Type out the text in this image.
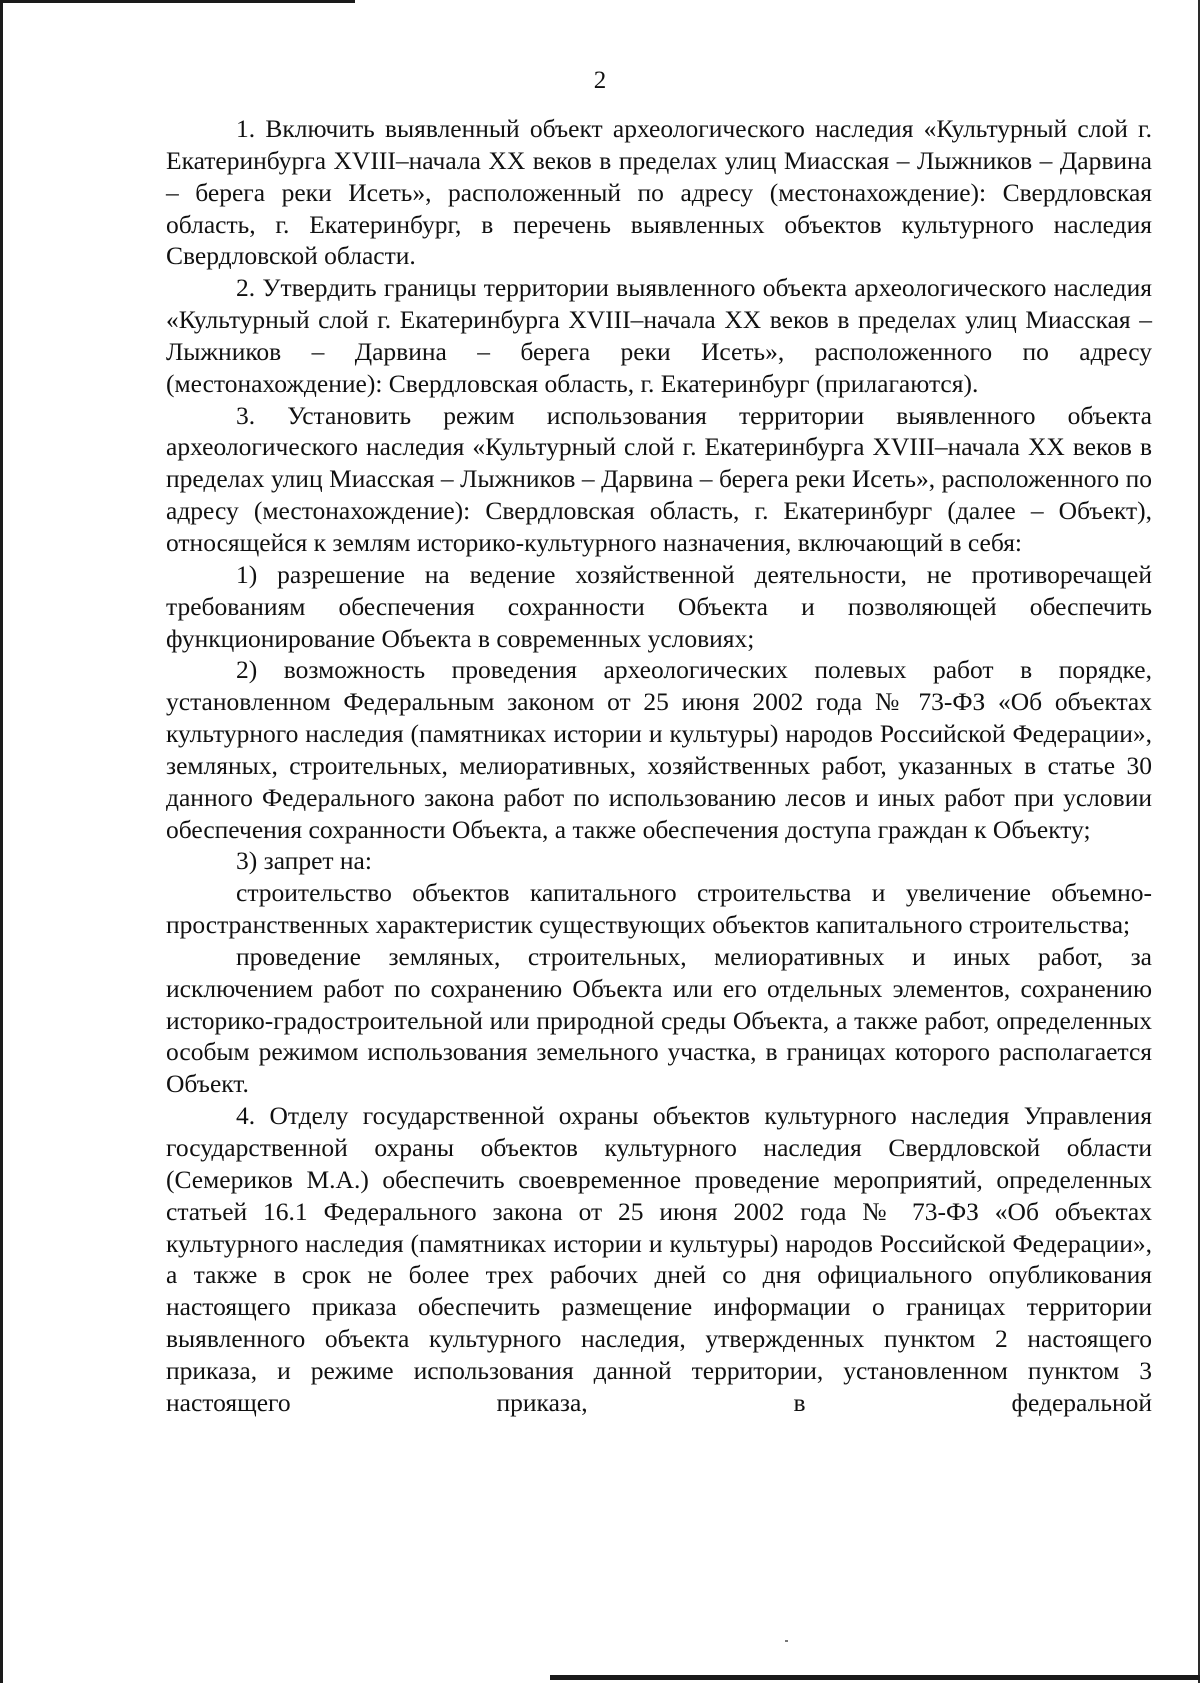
2

1. Включить выявленный объект археологического наследия «Культурный слой г. Екатеринбурга XVIII–начала XX веков в пределах улиц Миасская – Лыжников – Дарвина – берега реки Исеть», расположенный по адресу (местонахождение): Свердловская область, г. Екатеринбург, в перечень выявленных объектов культурного наследия Свердловской области.

2. Утвердить границы территории выявленного объекта археологического наследия «Культурный слой г. Екатеринбурга XVIII–начала XX веков в пределах улиц Миасская – Лыжников – Дарвина – берега реки Исеть», расположенного по адресу (местонахождение): Свердловская область, г. Екатеринбург (прилагаются).

3. Установить режим использования территории выявленного объекта археологического наследия «Культурный слой г. Екатеринбурга XVIII–начала XX веков в пределах улиц Миасская – Лыжников – Дарвина – берега реки Исеть», расположенного по адресу (местонахождение): Свердловская область, г. Екатеринбург (далее – Объект), относящейся к землям историко-культурного назначения, включающий в себя:

1) разрешение на ведение хозяйственной деятельности, не противоречащей требованиям обеспечения сохранности Объекта и позволяющей обеспечить функционирование Объекта в современных условиях;

2) возможность проведения археологических полевых работ в порядке, установленном Федеральным законом от 25 июня 2002 года № 73-ФЗ «Об объектах культурного наследия (памятниках истории и культуры) народов Российской Федерации», земляных, строительных, мелиоративных, хозяйственных работ, указанных в статье 30 данного Федерального закона работ по использованию лесов и иных работ при условии обеспечения сохранности Объекта, а также обеспечения доступа граждан к Объекту;

3) запрет на:

строительство объектов капитального строительства и увеличение объемно-пространственных характеристик существующих объектов капитального строительства;

проведение земляных, строительных, мелиоративных и иных работ, за исключением работ по сохранению Объекта или его отдельных элементов, сохранению историко-градостроительной или природной среды Объекта, а также работ, определенных особым режимом использования земельного участка, в границах которого располагается Объект.

4. Отделу государственной охраны объектов культурного наследия Управления государственной охраны объектов культурного наследия Свердловской области (Семериков М.А.) обеспечить своевременное проведение мероприятий, определенных статьей 16.1 Федерального закона от 25 июня 2002 года № 73-ФЗ «Об объектах культурного наследия (памятниках истории и культуры) народов Российской Федерации», а также в срок не более трех рабочих дней со дня официального опубликования настоящего приказа обеспечить размещение информации о границах территории выявленного объекта культурного наследия, утвержденных пунктом 2 настоящего приказа, и режиме использования данной территории, установленном пунктом 3 настоящего приказа, в федеральной
